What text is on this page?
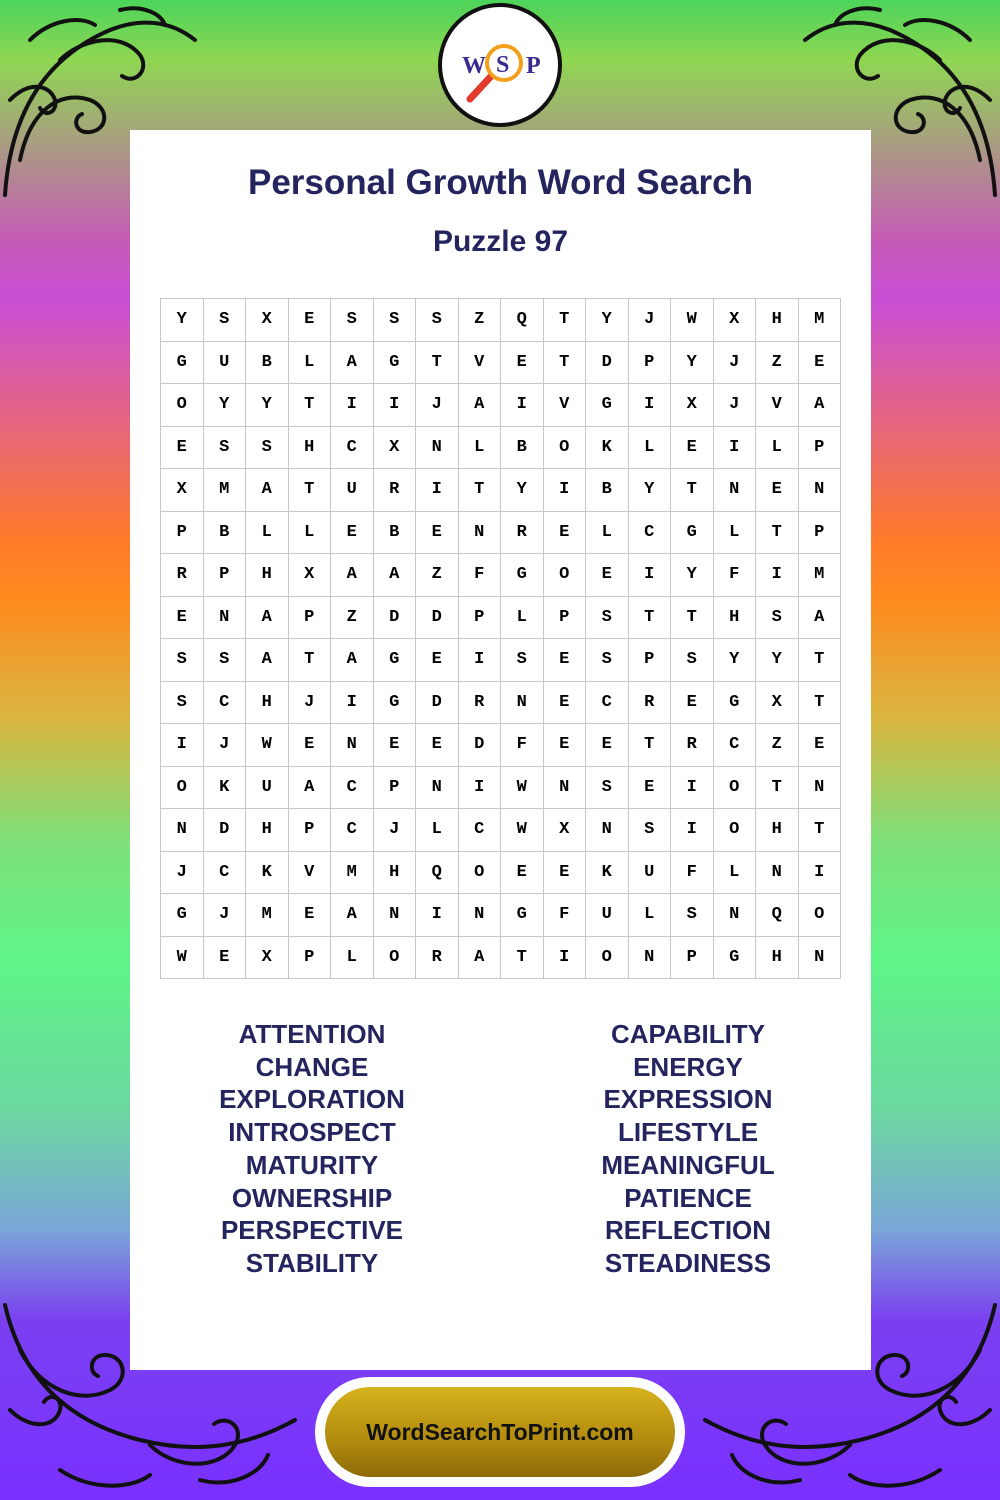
W S P
Personal Growth Word Search
Puzzle 97
Y	S	X	E	S	S	S	Z	Q	T	Y	J	W	X	H	M
G	U	B	L	A	G	T	V	E	T	D	P	Y	J	Z	E
O	Y	Y	T	I	I	J	A	I	V	G	I	X	J	V	A
E	S	S	H	C	X	N	L	B	O	K	L	E	I	L	P
X	M	A	T	U	R	I	T	Y	I	B	Y	T	N	E	N
P	B	L	L	E	B	E	N	R	E	L	C	G	L	T	P
R	P	H	X	A	A	Z	F	G	O	E	I	Y	F	I	M
E	N	A	P	Z	D	D	P	L	P	S	T	T	H	S	A
S	S	A	T	A	G	E	I	S	E	S	P	S	Y	Y	T
S	C	H	J	I	G	D	R	N	E	C	R	E	G	X	T
I	J	W	E	N	E	E	D	F	E	E	T	R	C	Z	E
O	K	U	A	C	P	N	I	W	N	S	E	I	O	T	N
N	D	H	P	C	J	L	C	W	X	N	S	I	O	H	T
J	C	K	V	M	H	Q	O	E	E	K	U	F	L	N	I
G	J	M	E	A	N	I	N	G	F	U	L	S	N	Q	O
W	E	X	P	L	O	R	A	T	I	O	N	P	G	H	N
ATTENTION
CHANGE
EXPLORATION
INTROSPECT
MATURITY
OWNERSHIP
PERSPECTIVE
STABILITY
CAPABILITY
ENERGY
EXPRESSION
LIFESTYLE
MEANINGFUL
PATIENCE
REFLECTION
STEADINESS
WordSearchToPrint.com
